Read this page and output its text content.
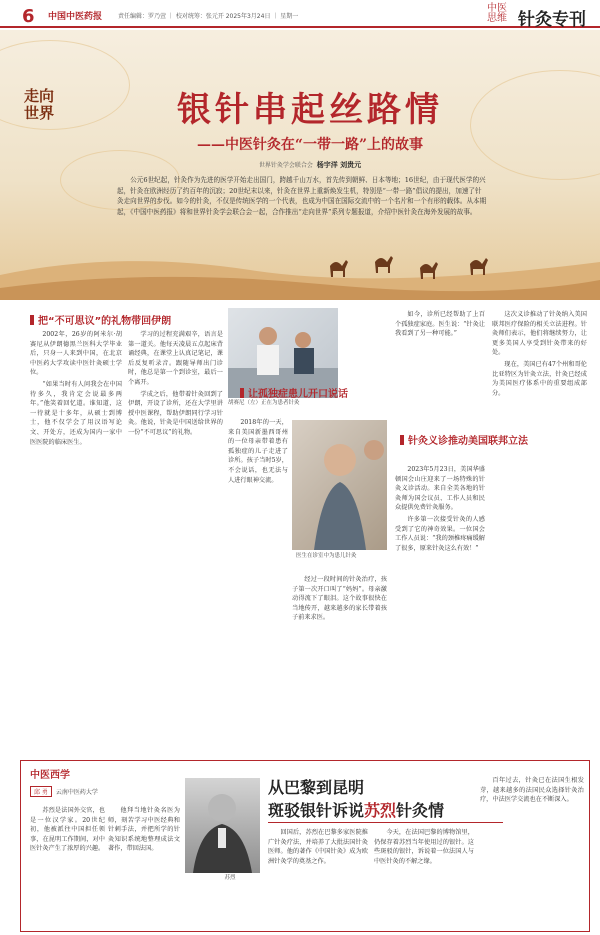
6 中国中医药报	责任编辑：罗乃萱 ｜ 校对统筹：张元开 2025年3月24日 ｜ 星期一
中医
思维 针灸专刊
走向
世界	银针串起丝路情
——中医针灸在“一带一路”上的故事
世界针灸学会联合会 杨宇洋 刘贵元
公元6世纪起，针灸作为先进的医学开始走出国门，跨越千山万水，首先传到朝鲜、日本等地；16世纪，由于现代医学的兴起，针灸在欧洲经历了约百年的沉寂；20世纪末以来，针灸在世界上重新焕发生机，特别是“一带一路”倡议的提出，加速了针灸走向世界的步伐。如今的针灸，不仅是传统医学的一个代表，也成为中国在国际交流中的一个名片和一个有形的载体。从本期起，《中国中医药报》将和世界针灸学会联合会一起，合作推出“走向世界”系列专题报道，介绍中医针灸在海外发展的故事。
把“不可思议”的礼物带回伊朗

2002年，26岁的阿米尔·胡赛尼从伊朗德黑兰医科大学毕业后，只身一人来到中国，在北京中医药大学攻读中医针灸硕士学位。

“如果当时有人问我会在中国待多久，我肯定会说最多两年。”他笑着回忆道。谁知道，这一待就是十多年，从硕士到博士，他不仅学会了用汉语写论文、开处方，还成为国内一家中医医院的临床医生。

学习的过程充满艰辛，语言是第一道关。他每天凌晨五点起床背诵经典，在课堂上认真记笔记，课后反复听录音。跟随导师出门诊时，他总是第一个到诊室，最后一个离开。

学成之后，他带着针灸回到了伊朗，开设了诊所，还在大学里讲授中医课程，帮助伊朗同行学习针灸。他说，针灸是中国送给世界的一份“不可思议”的礼物。

胡赛尼（左）正在为患者针灸
让孤独症患儿开口说话

2018年的一天，来自美国新墨西哥州的一位母亲带着患有孤独症的儿子走进了诊所。孩子当时5岁，不会说话，也无法与人进行眼神交流。

医生在诊室中为患儿针灸

经过一段时间的针灸治疗，孩子第一次开口叫了“妈妈”。母亲激动得流下了眼泪。这个故事很快在当地传开，越来越多的家长带着孩子前来求医。

如今，诊所已经帮助了上百个孤独症家庭。医生说：“针灸让我看到了另一种可能。”

针灸义诊推动美国联邦立法

2023年5月23日，美国华盛顿国会山庄迎来了一场特殊的针灸义诊活动。来自全美各地的针灸师为国会议员、工作人员和民众提供免费针灸服务。

许多第一次接受针灸的人感受到了它的神奇效果。一位国会工作人员说：“我的颈椎疼痛缓解了很多，原来针灸这么有效！”

这次义诊推动了针灸纳入美国联邦医疗保险的相关立法进程。针灸师们表示，他们将继续努力，让更多美国人享受到针灸带来的好处。

现在，美国已有47个州和哥伦比亚特区为针灸立法，针灸已经成为美国医疗体系中的重要组成部分。

中医西学
邱 勇 云南中医药大学

苏烈是法国外交官，也是一位汉学家。20世纪初，他被派往中国担任领事，在昆明工作期间，对中医针灸产生了浓厚的兴趣。

他拜当地针灸名医为师，刻苦学习中医经典和针刺手法，并把所学的针灸知识系统地整理成法文著作，带回法国。

苏烈
从巴黎到昆明
斑驳银针诉说苏烈针灸情

回国后，苏烈在巴黎多家医院推广针灸疗法，并培养了大批法国针灸医师。他的著作《中国针灸》成为欧洲针灸学的奠基之作。

今天，在法国巴黎的博物馆里，仍保存着苏烈当年使用过的银针。这些斑驳的银针，诉说着一位法国人与中医针灸的不解之缘。

百年过去，针灸已在法国生根发芽，越来越多的法国民众选择针灸治疗，中法医学交流也在不断深入。
